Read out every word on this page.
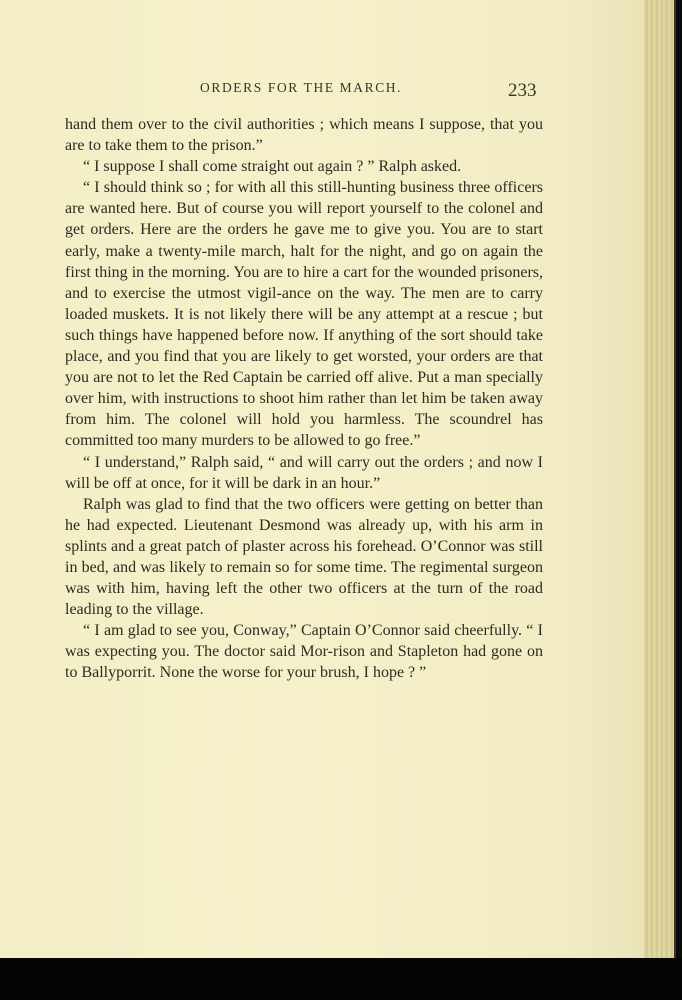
ORDERS FOR THE MARCH.	233

hand them over to the civil authorities ; which means I suppose, that you are to take them to the prison.”

“ I suppose I shall come straight out again ? ” Ralph asked.

“ I should think so ; for with all this still-hunting business three officers are wanted here. But of course you will report yourself to the colonel and get orders. Here are the orders he gave me to give you. You are to start early, make a twenty-mile march, halt for the night, and go on again the first thing in the morning. You are to hire a cart for the wounded prisoners, and to exercise the utmost vigil-ance on the way. The men are to carry loaded muskets. It is not likely there will be any attempt at a rescue ; but such things have happened before now. If anything of the sort should take place, and you find that you are likely to get worsted, your orders are that you are not to let the Red Captain be carried off alive. Put a man specially over him, with instructions to shoot him rather than let him be taken away from him. The colonel will hold you harmless. The scoundrel has committed too many murders to be allowed to go free.”

“ I understand,” Ralph said, “ and will carry out the orders ; and now I will be off at once, for it will be dark in an hour.”

Ralph was glad to find that the two officers were getting on better than he had expected. Lieutenant Desmond was already up, with his arm in splints and a great patch of plaster across his forehead. O’Connor was still in bed, and was likely to remain so for some time. The regimental surgeon was with him, having left the other two officers at the turn of the road leading to the village.

“ I am glad to see you, Conway,” Captain O’Connor said cheerfully. “ I was expecting you. The doctor said Mor-rison and Stapleton had gone on to Ballyporrit. None the worse for your brush, I hope ? ”
